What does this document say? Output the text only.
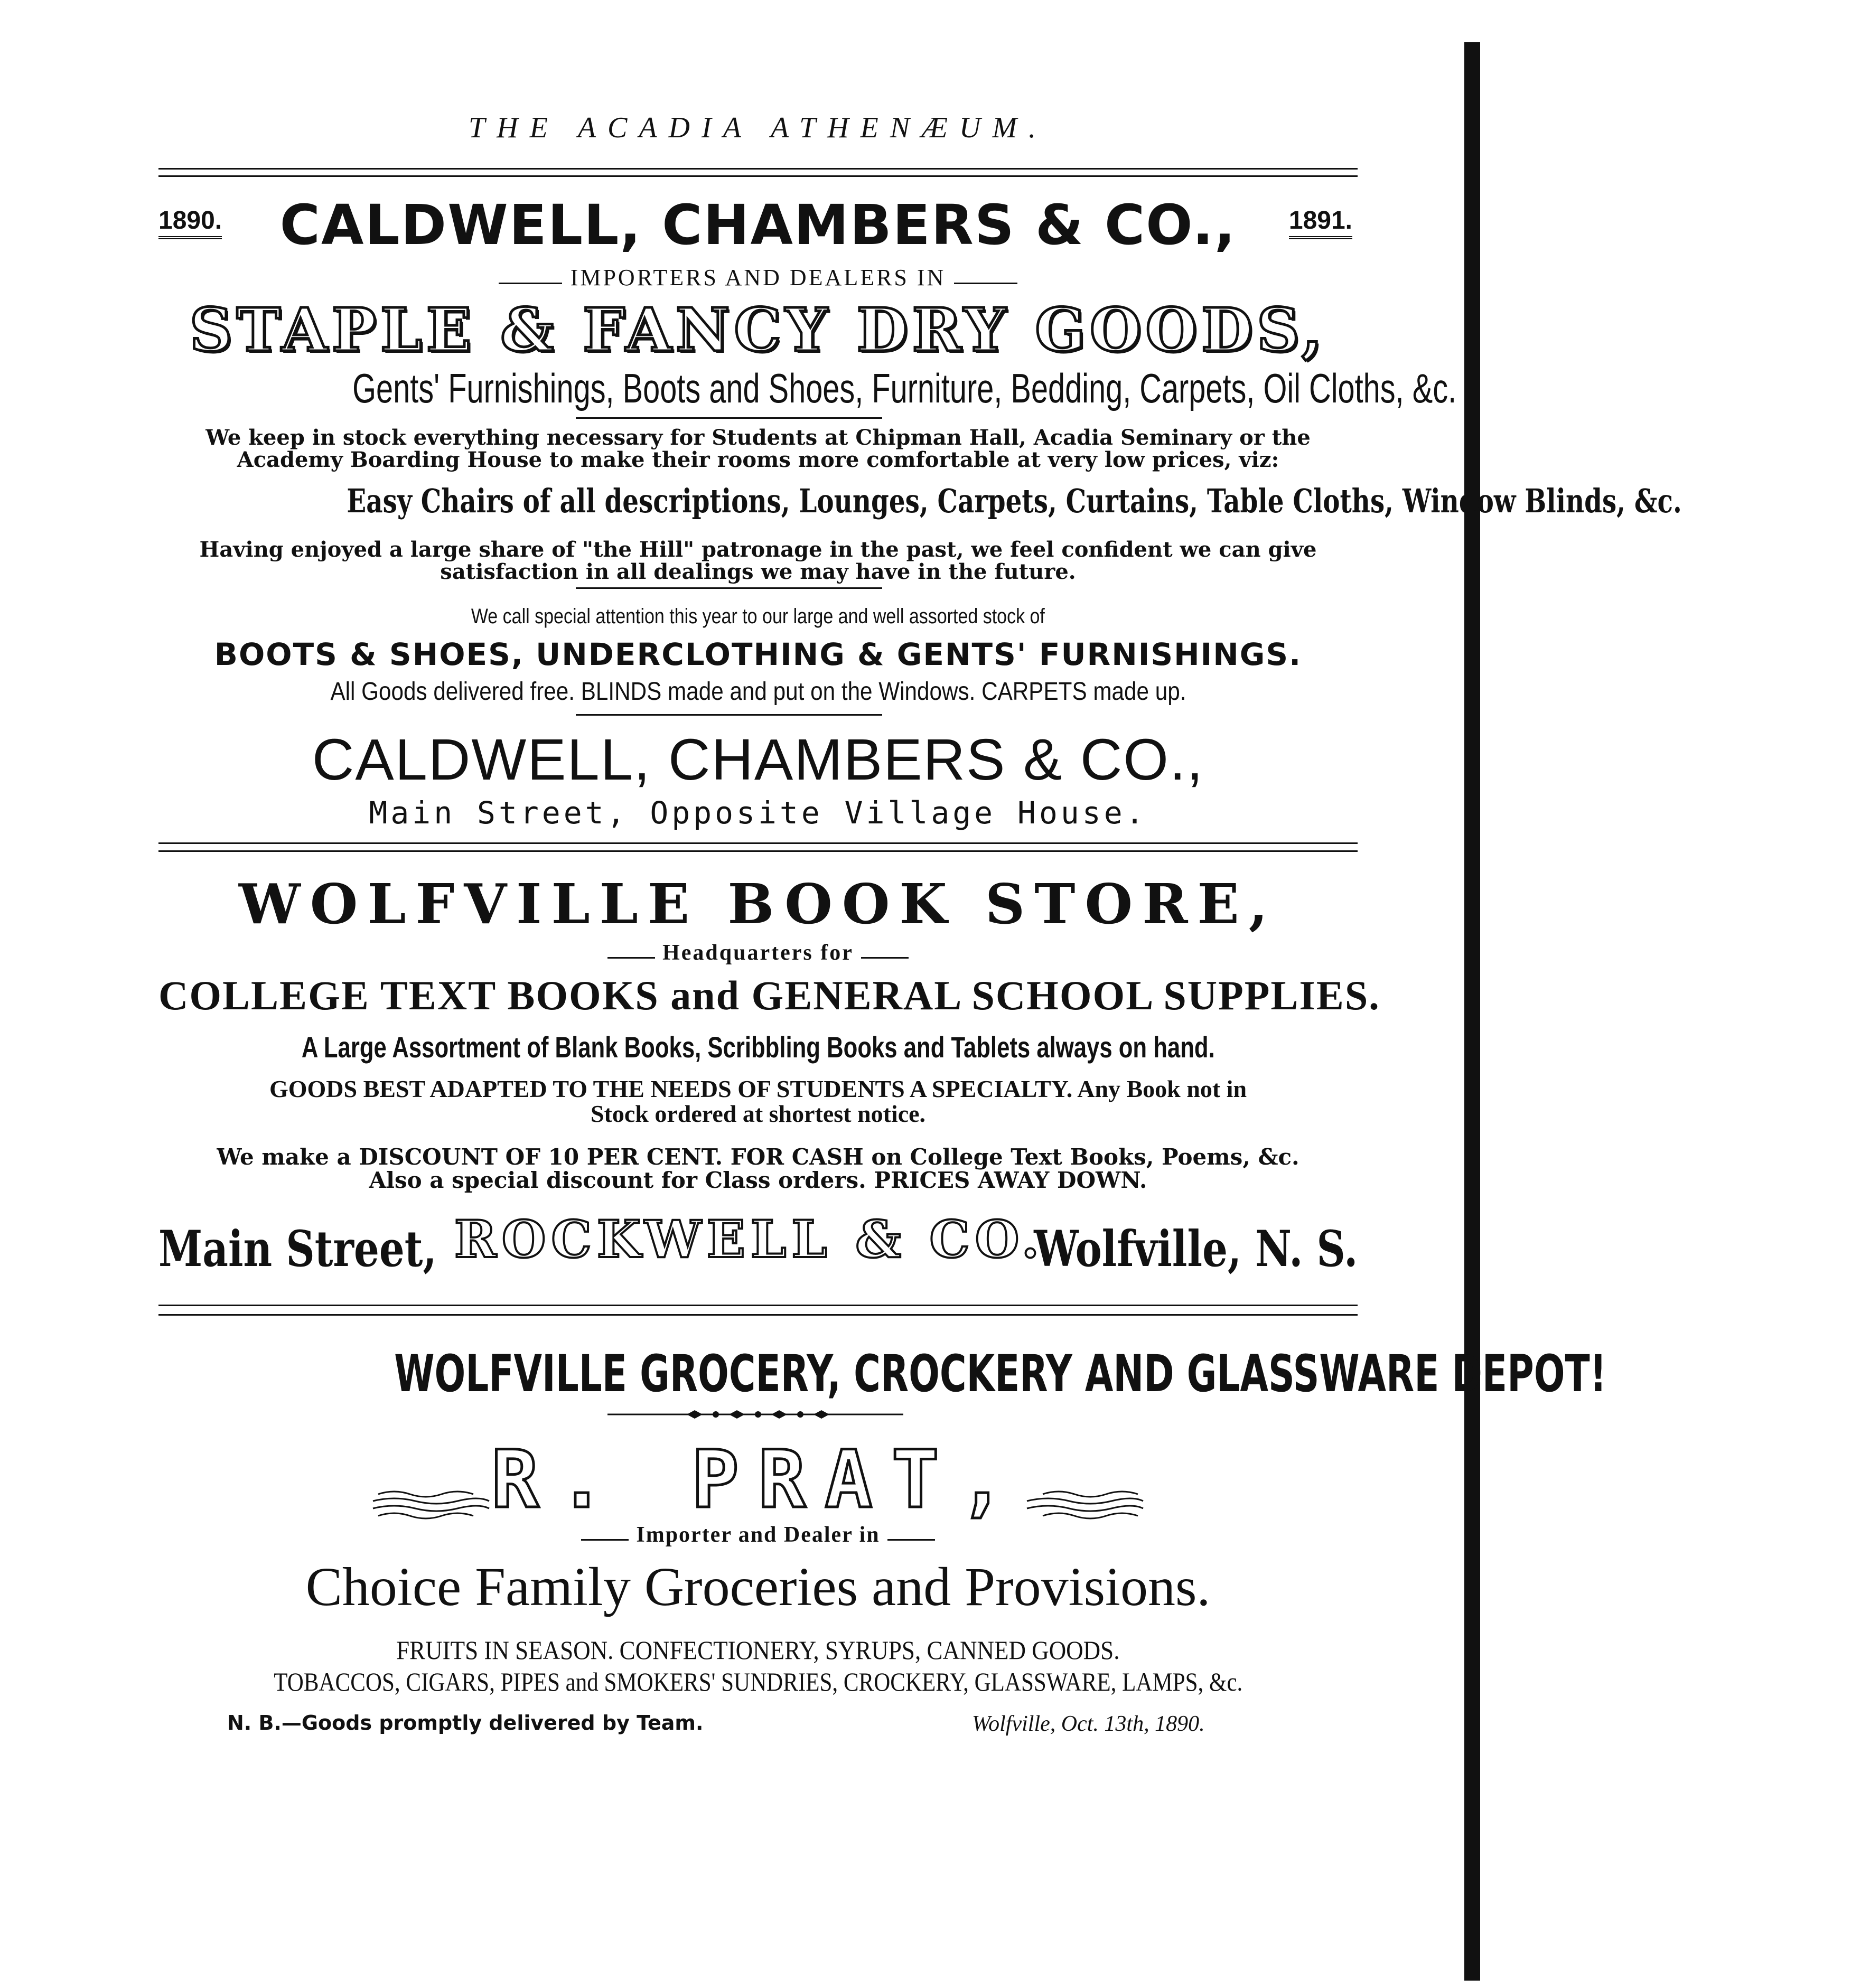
THE ACADIA ATHENÆUM.
1890.	1891.
CALDWELL, CHAMBERS & CO.,
IMPORTERS AND DEALERS IN
STAPLE & FANCY DRY GOODS,
Gents' Furnishings, Boots and Shoes, Furniture, Bedding, Carpets, Oil Cloths, &c.
We keep in stock everything necessary for Students at Chipman Hall, Acadia Seminary or the Academy Boarding House to make their rooms more comfortable at very low prices, viz:
Easy Chairs of all descriptions, Lounges, Carpets, Curtains, Table Cloths, Window Blinds, &c.
Having enjoyed a large share of "the Hill" patronage in the past, we feel confident we can give satisfaction in all dealings we may have in the future.
We call special attention this year to our large and well assorted stock of
BOOTS & SHOES, UNDERCLOTHING & GENTS' FURNISHINGS.
All Goods delivered free. BLINDS made and put on the Windows. CARPETS made up.
CALDWELL, CHAMBERS & CO.,
Main Street, Opposite Village House.
WOLFVILLE BOOK STORE,
Headquarters for
COLLEGE TEXT BOOKS and GENERAL SCHOOL SUPPLIES.
A Large Assortment of Blank Books, Scribbling Books and Tablets always on hand.
GOODS BEST ADAPTED TO THE NEEDS OF STUDENTS A SPECIALTY. Any Book not in
Stock ordered at shortest notice.
We make a DISCOUNT OF 10 PER CENT. FOR CASH on College Text Books, Poems, &c.
Also a special discount for Class orders. PRICES AWAY DOWN.
Main Street, ROCKWELL & CO.
Wolfville, N. S.
WOLFVILLE GROCERY, CROCKERY AND GLASSWARE DEPOT!
R. PRAT,
Importer and Dealer in
Choice Family Groceries and Provisions.
FRUITS IN SEASON. CONFECTIONERY, SYRUPS, CANNED GOODS.
TOBACCOS, CIGARS, PIPES and SMOKERS' SUNDRIES, CROCKERY, GLASSWARE, LAMPS, &c.
N. B.—Goods promptly delivered by Team.	Wolfville, Oct. 13th, 1890.
